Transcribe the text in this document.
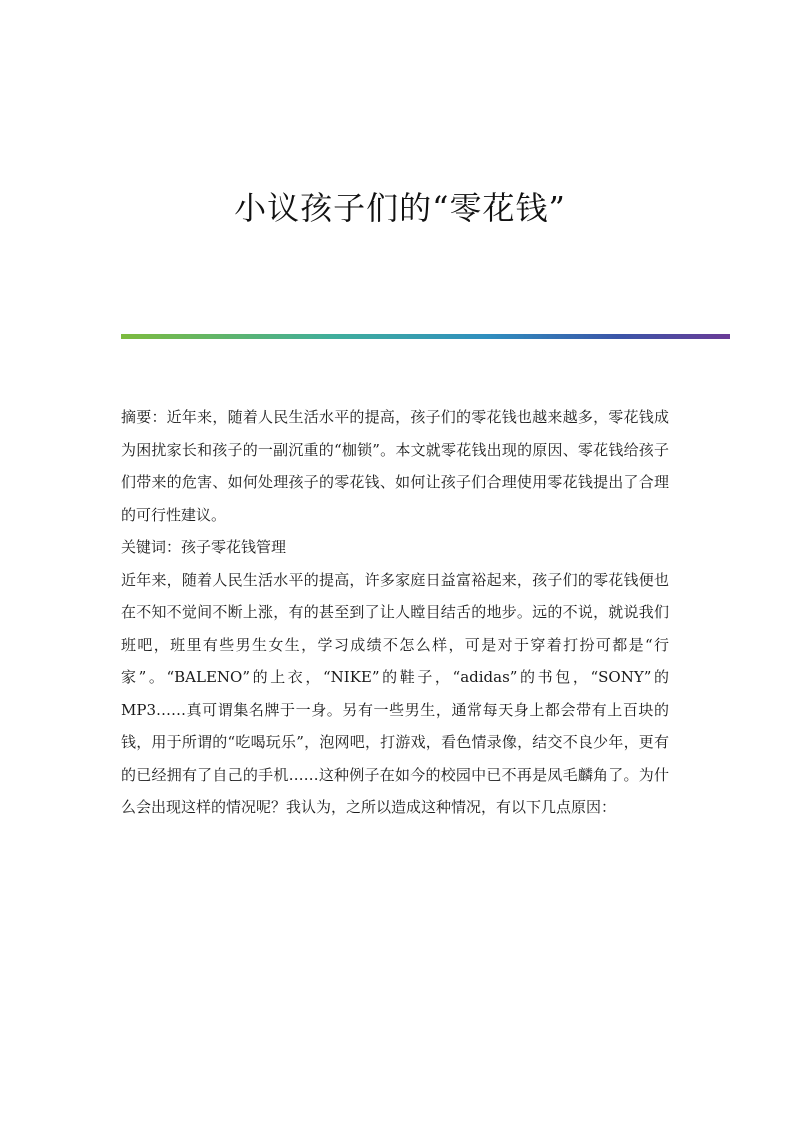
小议孩子们的“零花钱”

摘要：近年来，随着人民生活水平的提高，孩子们的零花钱也越来越多，零花钱成为困扰家长和孩子的一副沉重的“枷锁”。本文就零花钱出现的原因、零花钱给孩子们带来的危害、如何处理孩子的零花钱、如何让孩子们合理使用零花钱提出了合理的可行性建议。

关键词：孩子零花钱管理

近年来，随着人民生活水平的提高，许多家庭日益富裕起来，孩子们的零花钱便也在不知不觉间不断上涨，有的甚至到了让人瞠目结舌的地步。远的不说，就说我们班吧，班里有些男生女生，学习成绩不怎么样，可是对于穿着打扮可都是“行家”。“BALENO”的上衣，“NIKE”的鞋子，“adidas”的书包，“SONY”的MP3……真可谓集名牌于一身。另有一些男生，通常每天身上都会带有上百块的钱，用于所谓的“吃喝玩乐”，泡网吧，打游戏，看色情录像，结交不良少年，更有的已经拥有了自己的手机……这种例子在如今的校园中已不再是凤毛麟角了。为什么会出现这样的情况呢？我认为，之所以造成这种情况，有以下几点原因：
